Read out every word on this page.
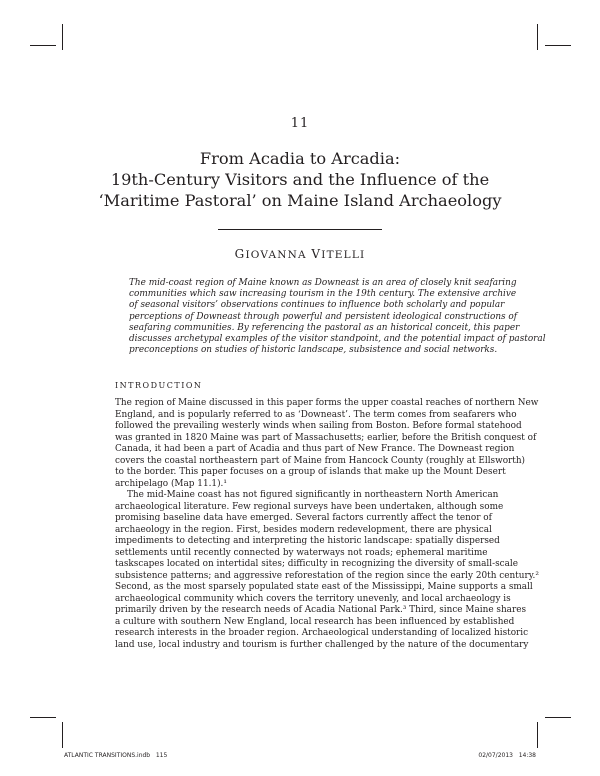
11
From Acadia to Arcadia:
19th-Century Visitors and the Influence of the
‘Maritime Pastoral’ on Maine Island Archaeology
GIOVANNA VITELLI
The mid-coast region of Maine known as Downeast is an area of closely knit seafaring
communities which saw increasing tourism in the 19th century. The extensive archive
of seasonal visitors’ observations continues to influence both scholarly and popular
perceptions of Downeast through powerful and persistent ideological constructions of
seafaring communities. By referencing the pastoral as an historical conceit, this paper
discusses archetypal examples of the visitor standpoint, and the potential impact of pastoral
preconceptions on studies of historic landscape, subsistence and social networks.
INTRODUCTION
The region of Maine discussed in this paper forms the upper coastal reaches of northern New
England, and is popularly referred to as ‘Downeast’. The term comes from seafarers who
followed the prevailing westerly winds when sailing from Boston. Before formal statehood
was granted in 1820 Maine was part of Massachusetts; earlier, before the British conquest of
Canada, it had been a part of Acadia and thus part of New France. The Downeast region
covers the coastal northeastern part of Maine from Hancock County (roughly at Ellsworth)
to the border. This paper focuses on a group of islands that make up the Mount Desert
archipelago (Map 11.1).¹
The mid-Maine coast has not figured significantly in northeastern North American
archaeological literature. Few regional surveys have been undertaken, although some
promising baseline data have emerged. Several factors currently affect the tenor of
archaeology in the region. First, besides modern redevelopment, there are physical
impediments to detecting and interpreting the historic landscape: spatially dispersed
settlements until recently connected by waterways not roads; ephemeral maritime
taskscapes located on intertidal sites; difficulty in recognizing the diversity of small-scale
subsistence patterns; and aggressive reforestation of the region since the early 20th century.²
Second, as the most sparsely populated state east of the Mississippi, Maine supports a small
archaeological community which covers the territory unevenly, and local archaeology is
primarily driven by the research needs of Acadia National Park.³ Third, since Maine shares
a culture with southern New England, local research has been influenced by established
research interests in the broader region. Archaeological understanding of localized historic
land use, local industry and tourism is further challenged by the nature of the documentary
ATLANTIC TRANSITIONS.indb   115	02/07/2013   14:38
